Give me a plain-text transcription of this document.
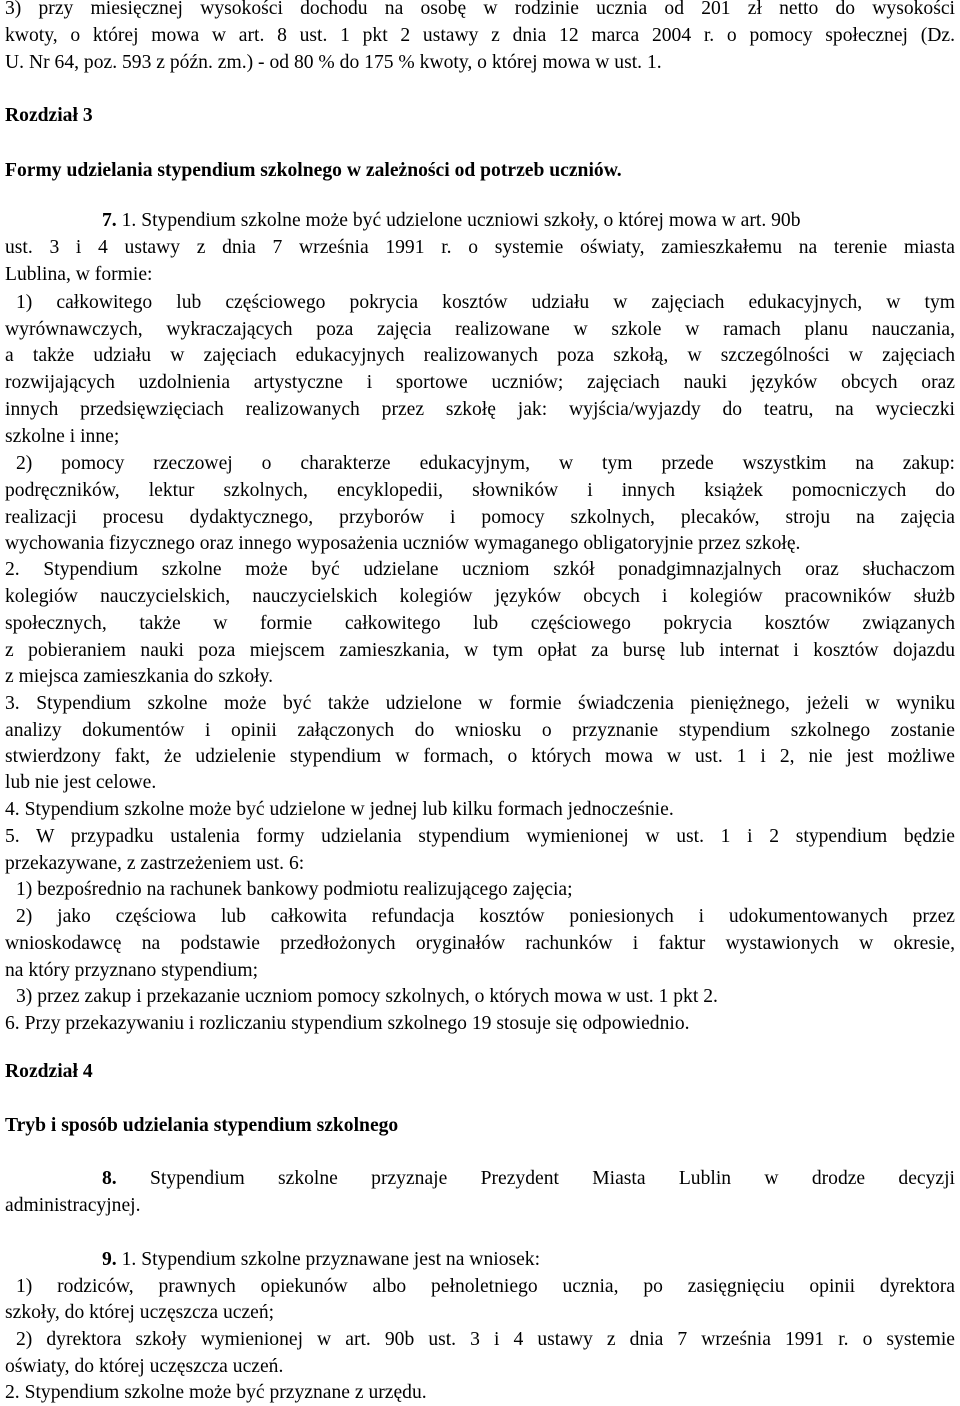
3) przy miesięcznej wysokości dochodu na osobę w rodzinie ucznia od 201 zł netto do wysokości
kwoty, o której mowa w art. 8 ust. 1 pkt 2 ustawy z dnia 12 marca 2004 r. o pomocy społecznej (Dz.
U. Nr 64, poz. 593 z późn. zm.) - od 80 % do 175 % kwoty, o której mowa w ust. 1.
Rozdział 3
Formy udzielania stypendium szkolnego w zależności od potrzeb uczniów.
7. 1. Stypendium szkolne może być udzielone uczniowi szkoły, o której mowa w art. 90b
ust. 3 i 4 ustawy z dnia 7 września 1991 r. o systemie oświaty, zamieszkałemu na terenie miasta
Lublina, w formie:
1) całkowitego lub częściowego pokrycia kosztów udziału w zajęciach edukacyjnych, w tym
wyrównawczych, wykraczających poza zajęcia realizowane w szkole w ramach planu nauczania,
a także udziału w zajęciach edukacyjnych realizowanych poza szkołą, w szczególności w zajęciach
rozwijających uzdolnienia artystyczne i sportowe uczniów; zajęciach nauki języków obcych oraz
innych przedsięwzięciach realizowanych przez szkołę jak: wyjścia/wyjazdy do teatru, na wycieczki
szkolne i inne;
2) pomocy rzeczowej o charakterze edukacyjnym, w tym przede wszystkim na zakup:
podręczników, lektur szkolnych, encyklopedii, słowników i innych książek pomocniczych do
realizacji procesu dydaktycznego, przyborów i pomocy szkolnych, plecaków, stroju na zajęcia
wychowania fizycznego oraz innego wyposażenia uczniów wymaganego obligatoryjnie przez szkołę.
2. Stypendium szkolne może być udzielane uczniom szkół ponadgimnazjalnych oraz słuchaczom
kolegiów nauczycielskich, nauczycielskich kolegiów języków obcych i kolegiów pracowników służb
społecznych, także w formie całkowitego lub częściowego pokrycia kosztów związanych
z pobieraniem nauki poza miejscem zamieszkania, w tym opłat za bursę lub internat i kosztów dojazdu
z miejsca zamieszkania do szkoły.
3. Stypendium szkolne może być także udzielone w formie świadczenia pieniężnego, jeżeli w wyniku
analizy dokumentów i opinii załączonych do wniosku o przyznanie stypendium szkolnego zostanie
stwierdzony fakt, że udzielenie stypendium w formach, o których mowa w ust. 1 i 2, nie jest możliwe
lub nie jest celowe.
4. Stypendium szkolne może być udzielone w jednej lub kilku formach jednocześnie.
5. W przypadku ustalenia formy udzielania stypendium wymienionej w ust. 1 i 2 stypendium będzie
przekazywane, z zastrzeżeniem ust. 6:
1) bezpośrednio na rachunek bankowy podmiotu realizującego zajęcia;
2) jako częściowa lub całkowita refundacja kosztów poniesionych i udokumentowanych przez
wnioskodawcę na podstawie przedłożonych oryginałów rachunków i faktur wystawionych w okresie,
na który przyznano stypendium;
3) przez zakup i przekazanie uczniom pomocy szkolnych, o których mowa w ust. 1 pkt 2.
6. Przy przekazywaniu i rozliczaniu stypendium szkolnego 19 stosuje się odpowiednio.
Rozdział 4
Tryb i sposób udzielania stypendium szkolnego
8. Stypendium szkolne przyznaje Prezydent Miasta Lublin w drodze decyzji
administracyjnej.
9. 1. Stypendium szkolne przyznawane jest na wniosek:
1) rodziców, prawnych opiekunów albo pełnoletniego ucznia, po zasięgnięciu opinii dyrektora
szkoły, do której uczęszcza uczeń;
2) dyrektora szkoły wymienionej w art. 90b ust. 3 i 4 ustawy z dnia 7 września 1991 r. o systemie
oświaty, do której uczęszcza uczeń.
2. Stypendium szkolne może być przyznane z urzędu.
